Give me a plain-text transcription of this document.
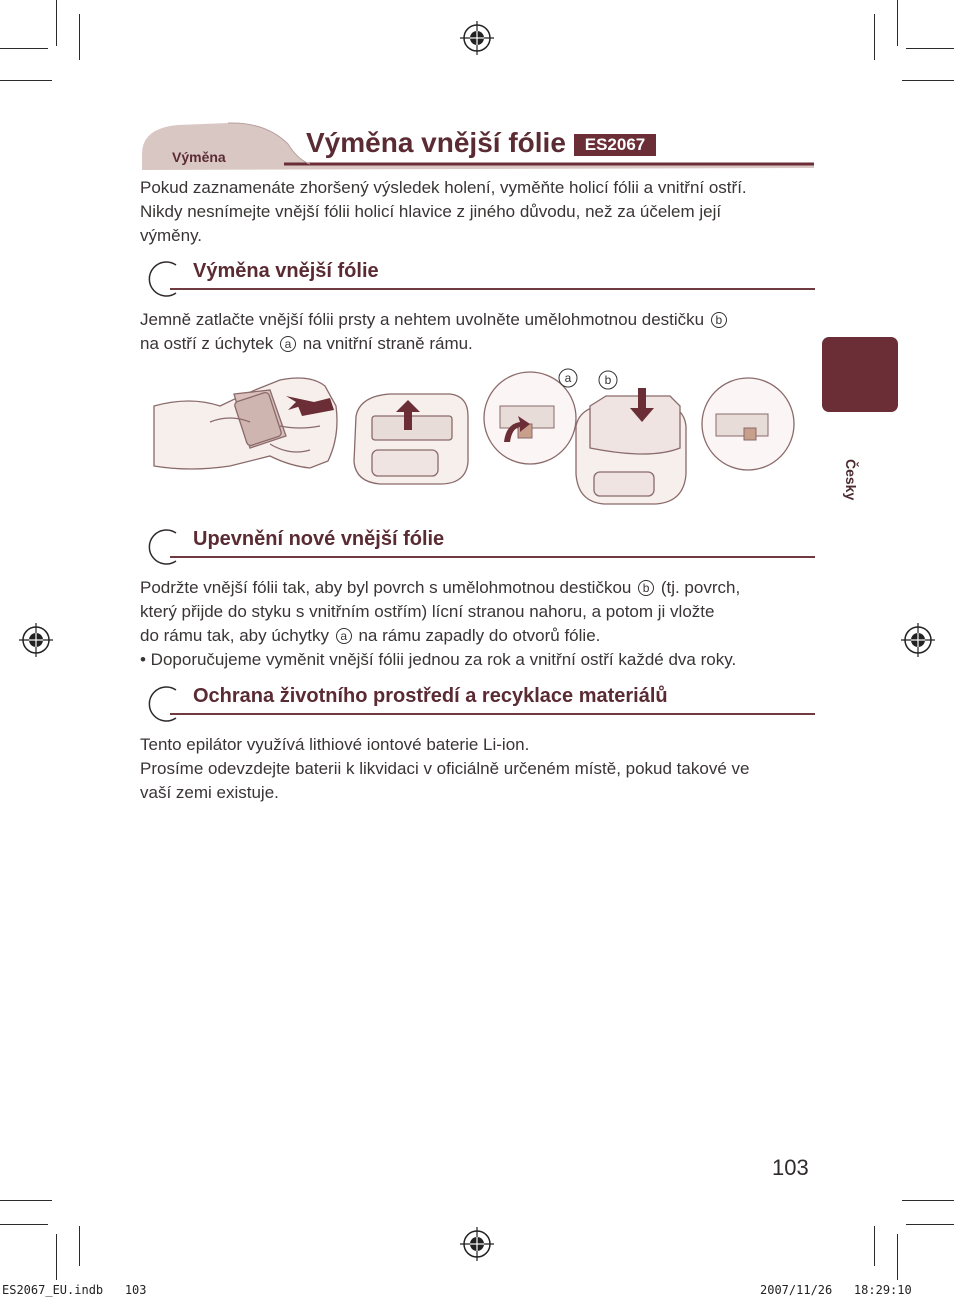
Výměna	Výměna vnější fólie	ES2067

Pokud zaznamenáte zhoršený výsledek holení, vyměňte holicí fólii a vnitřní ostří.

Nikdy nesnímejte vnější fólii holicí hlavice z jiného důvodu, než za účelem její

výměny.

Výměna vnější fólie

Jemně zatlačte vnější fólii prsty a nehtem uvolněte umělohmotnou destičku b

na ostří z úchytek a na vnitřní straně rámu.

a	b
Upevnění nové vnější fólie

Podržte vnější fólii tak, aby byl povrch s umělohmotnou destičkou b (tj. povrch,

který přijde do styku s vnitřním ostřím) lícní stranou nahoru, a potom ji vložte

do rámu tak, aby úchytky a na rámu zapadly do otvorů fólie.

• Doporučujeme vyměnit vnější fólii jednou za rok a vnitřní ostří každé dva roky.

Ochrana životního prostředí a recyklace materiálů

Tento epilátor využívá lithiové iontové baterie Li-ion.

Prosíme odevzdejte baterii k likvidaci v oficiálně určeném místě, pokud takové ve

vaší zemi existuje.

Česky
103
ES2067_EU.indb   103	2007/11/26   18:29:10
